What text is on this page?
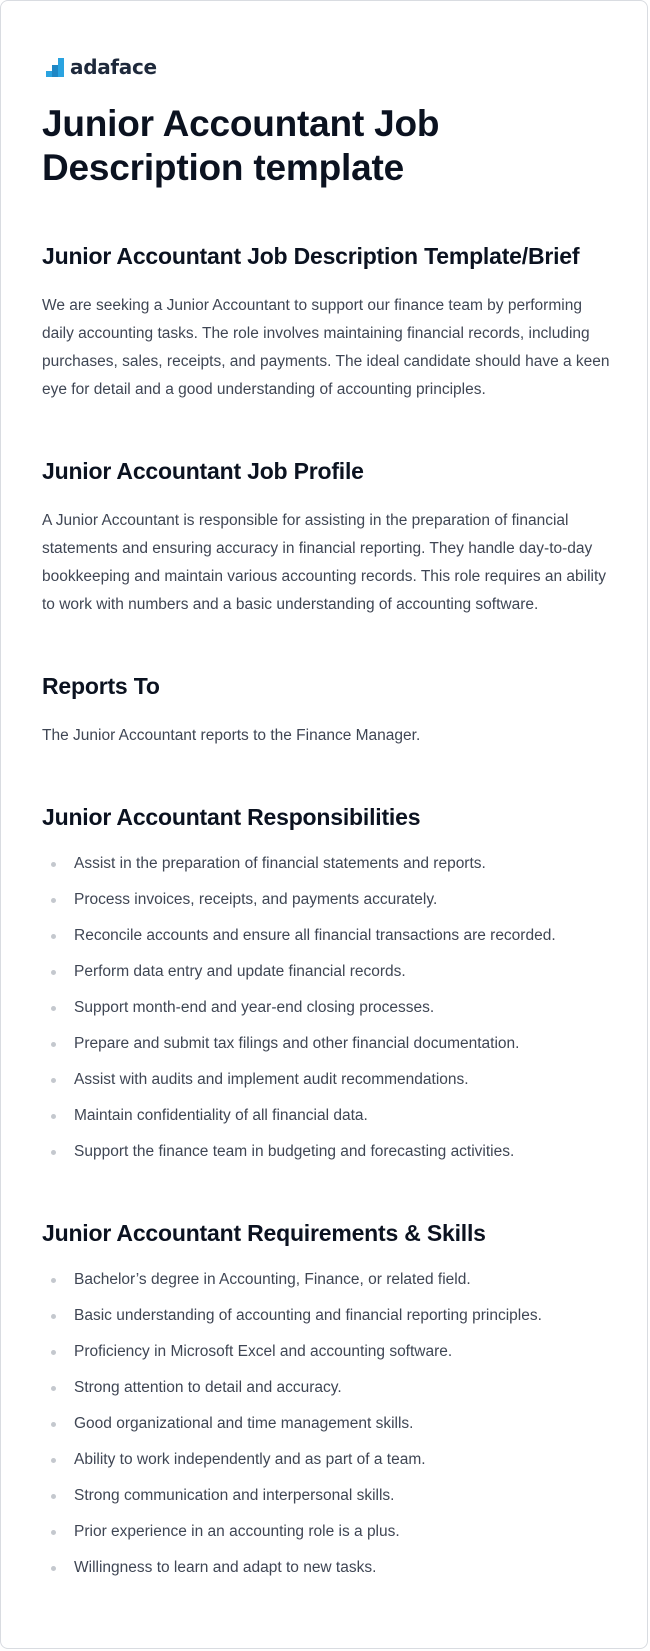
adaface
Junior Accountant Job Description template
Junior Accountant Job Description Template/Brief

We are seeking a Junior Accountant to support our finance team by performing daily accounting tasks. The role involves maintaining financial records, including purchases, sales, receipts, and payments. The ideal candidate should have a keen eye for detail and a good understanding of accounting principles.

Junior Accountant Job Profile

A Junior Accountant is responsible for assisting in the preparation of financial statements and ensuring accuracy in financial reporting. They handle day-to-day bookkeeping and maintain various accounting records. This role requires an ability to work with numbers and a basic understanding of accounting software.

Reports To

The Junior Accountant reports to the Finance Manager.

Junior Accountant Responsibilities
Assist in the preparation of financial statements and reports.
Process invoices, receipts, and payments accurately.
Reconcile accounts and ensure all financial transactions are recorded.
Perform data entry and update financial records.
Support month-end and year-end closing processes.
Prepare and submit tax filings and other financial documentation.
Assist with audits and implement audit recommendations.
Maintain confidentiality of all financial data.
Support the finance team in budgeting and forecasting activities.
Junior Accountant Requirements & Skills
Bachelor’s degree in Accounting, Finance, or related field.
Basic understanding of accounting and financial reporting principles.
Proficiency in Microsoft Excel and accounting software.
Strong attention to detail and accuracy.
Good organizational and time management skills.
Ability to work independently and as part of a team.
Strong communication and interpersonal skills.
Prior experience in an accounting role is a plus.
Willingness to learn and adapt to new tasks.
